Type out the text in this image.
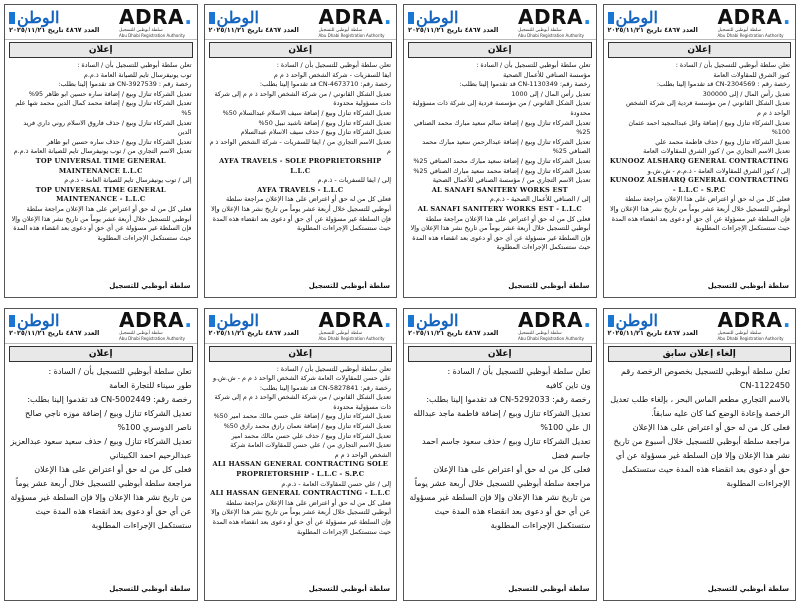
الوطن
العدد ٤٨٦٧ تاريخ ٢٠٢٥/١١/٢١
ADRA.
سلطة أبوظبي للتسجيل
Abu Dhabi Registration Authority
إعلان

تعلن سلطة أبوظبي للتسجيل بأن / السادة :

توب يونيفرسال تايم للصيانة العامة ذ.م.م

رخصة رقم : CN-3927539 قد تقدموا إلينا بطلب:

تعديل الشركاء تنازل وبيع / إضافة ساره حسين ابو ظاهر 95%

تعديل الشركاء تنازل وبيع / إضافة محمد كمال الدين محمد شها علم 5%

تعديل الشركاء تنازل وبيع / حذف فاروق الاسلام روني داري فريد الدين

تعديل الشركاء تنازل وبيع / حذف ساره حسين ابو ظاهر

تعديل الاسم التجاري من / توب يونيفرسال تايم للصيانة العامة ذ.م.م

TOP UNIVERSAL TIME GENERAL MAINTENANCE L.L.C

إلى / توب يونيفرسال تايم للصيانة العامة - ذ.م.م

TOP UNIVERSAL TIME GENERAL MAINTENANCE - L.L.C

فعلى كل من له حق أو اعتراض على هذا الإعلان مراجعة سلطة أبوظبي للتسجيل خلال أربعة عشر يوماً من تاريخ نشر هذا الإعلان وإلا فإن السلطة غير مسؤولة عن أي حق أو دعوى بعد انقضاء هذه المدة حيث ستستكمل الإجراءات المطلوبة

سلطة أبوظبي للتسجيل
الوطن
العدد ٤٨٦٧ تاريخ ٢٠٢٥/١١/٢١
ADRA.
سلطة أبوظبي للتسجيل
Abu Dhabi Registration Authority
إعلان

تعلن سلطة أبوظبي للتسجيل بأن / السادة :

ايفا للسفريات - شركة الشخص الواحد ذ م م

رخصة رقم: CN-4673710 قد تقدموا إلينا بطلب:

تعديل الشكل القانوني / من شركة الشخص الواحد ذ م م إلى شركة ذات مسؤولية محدودة

تعديل الشركاء تنازل وبيع / إضافة سيف الاسلام عبدالسلام 50%

تعديل الشركاء تنازل وبيع / إضافة ناشيد نبيل 50%

تعديل الشركاء تنازل وبيع / حذف سيف الاسلام عبدالسلام

تعديل الاسم التجاري من / ايفا للسفريات - شركة الشخص الواحد ذ م م

AYFA TRAVELS - SOLE PROPRIETORSHIP L.L.C

إلى / ايفا للسفريات - ذ.م.م

AYFA TRAVELS - L.L.C

فعلى كل من له حق أو اعتراض على هذا الإعلان مراجعة سلطة أبوظبي للتسجيل خلال أربعة عشر يوماً من تاريخ نشر هذا الإعلان وإلا فإن السلطة غير مسؤولة عن أي حق أو دعوى بعد انقضاء هذه المدة حيث ستستكمل الإجراءات المطلوبة

سلطة أبوظبي للتسجيل
الوطن
العدد ٤٨٦٧ تاريخ ٢٠٢٥/١١/٢١
ADRA.
سلطة أبوظبي للتسجيل
Abu Dhabi Registration Authority
إعلان

تعلن سلطة أبوظبي للتسجيل بأن / السادة :

مؤسسة الصنافي للأعمال الصحية

رخصة رقم: CN-1130349 قد تقدموا إلينا بطلب:

تعديل رأس المال / إلى 1000

تعديل الشكل القانوني / من مؤسسة فردية إلى شركة ذات مسؤولية محدودة

تعديل الشركاء تنازل وبيع / إضافة سالم سعيد مبارك محمد الصنافي 25%

تعديل الشركاء تنازل وبيع / إضافة عبدالرحمن سعيد مبارك محمد الصنافي 25%

تعديل الشركاء تنازل وبيع / إضافة سعيد مبارك محمد الصنافي 25%

تعديل الشركاء تنازل وبيع / إضافة محمد سعيد مبارك الصنافي 25%

تعديل الاسم التجاري من / مؤسسة الصنافي للأعمال الصحية

AL SANAFI SANITERY WORKS EST

إلى / الصنافي للأعمال الصحية - ذ.م.م

AL SANAFI SANITERY WORKS EST - L.L.C

فعلى كل من له حق أو اعتراض على هذا الإعلان مراجعة سلطة أبوظبي للتسجيل خلال أربعة عشر يوماً من تاريخ نشر هذا الإعلان وإلا فإن السلطة غير مسؤولة عن أي حق أو دعوى بعد انقضاء هذه المدة حيث ستستكمل الإجراءات المطلوبة

سلطة أبوظبي للتسجيل
الوطن
العدد ٤٨٦٧ تاريخ ٢٠٢٥/١١/٢١
ADRA.
سلطة أبوظبي للتسجيل
Abu Dhabi Registration Authority
إعلان

تعلن سلطة أبوظبي للتسجيل بأن / السادة :

كنوز الشرق للمقاولات العامة

رخصة رقم : CN-2304569 قد تقدموا إلينا بطلب:

تعديل رأس المال / إلى 300000

تعديل الشكل القانوني / من مؤسسة فردية إلى شركة الشخص الواحد ذ م م

تعديل الشركاء تنازل وبيع / إضافة وائل عبدالمجيد احمد عثمان 100%

تعديل الشركاء تنازل وبيع / حذف فاطمة محمد علي

تعديل الاسم التجاري من / كنوز الشرق للمقاولات العامة

KUNOOZ ALSHARQ GENERAL CONTRACTING

إلى / كنوز الشرق للمقاولات العامة - ذ.م.م - ش.ش.و

KUNOOZ ALSHARQ GENERAL CONTRACTING - L.L.C - S.P.C

فعلى كل من له حق أو اعتراض على هذا الإعلان مراجعة سلطة أبوظبي للتسجيل خلال أربعة عشر يوماً من تاريخ نشر هذا الإعلان وإلا فإن السلطة غير مسؤولة عن أي حق أو دعوى بعد انقضاء هذه المدة حيث ستستكمل الإجراءات المطلوبة

سلطة أبوظبي للتسجيل
الوطن
العدد ٤٨٦٧ تاريخ ٢٠٢٥/١١/٢١
ADRA.
سلطة أبوظبي للتسجيل
Abu Dhabi Registration Authority
إعلان

تعلن سلطة أبوظبي للتسجيل بأن / السادة :

طور سيناء للتجارة العامة

رخصة رقم: CN-5002449 قد تقدموا إلينا بطلب:

تعديل الشركاء تنازل وبيع / إضافة موزه ناجي صالح ناصر الدوسري 100%

تعديل الشركاء تنازل وبيع / حذف سعيد سعود عبدالعزيز عبدالرحيم احمد الكبيتاني

فعلى كل من له حق أو اعتراض على هذا الإعلان مراجعة سلطة أبوظبي للتسجيل خلال أربعة عشر يوماً من تاريخ نشر هذا الإعلان وإلا فإن السلطة غير مسؤولة عن أي حق أو دعوى بعد انقضاء هذه المدة حيث ستستكمل الإجراءات المطلوبة

سلطة أبوظبي للتسجيل
الوطن
العدد ٤٨٦٧ تاريخ ٢٠٢٥/١١/٢١
ADRA.
سلطة أبوظبي للتسجيل
Abu Dhabi Registration Authority
إعلان

تعلن سلطة أبوظبي للتسجيل بأن / السادة :

علي حسن للمقاولات العامة شركة الشخص الواحد ذ م م - ش.ش.و

رخصة رقم: CN-5827841 قد تقدموا إلينا بطلب:

تعديل الشكل القانوني / من شركة الشخص الواحد ذ م م إلى شركة ذات مسؤولية محدودة

تعديل الشركاء تنازل وبيع / إضافة علي حسن مالك محمد امير 50%

تعديل الشركاء تنازل وبيع / إضافة نعمان رازق محمد رازق 50%

تعديل الشركاء تنازل وبيع / حذف علي حسن مالك محمد امير

تعديل الاسم التجاري من / علي حسن للمقاولات العامة شركة الشخص الواحد ذ م م

ALI HASSAN GENERAL CONTRACTING SOLE PROPRIETORSHIP - L.L.C - S.P.C

إلى / علي حسن للمقاولات العامة - ذ.م.م

ALI HASSAN GENERAL CONTRACTING - L.L.C

فعلى كل من له حق أو اعتراض على هذا الإعلان مراجعة سلطة أبوظبي للتسجيل خلال أربعة عشر يوماً من تاريخ نشر هذا الإعلان وإلا فإن السلطة غير مسؤولة عن أي حق أو دعوى بعد انقضاء هذه المدة حيث ستستكمل الإجراءات المطلوبة

سلطة أبوظبي للتسجيل
الوطن
العدد ٤٨٦٧ تاريخ ٢٠٢٥/١١/٢١
ADRA.
سلطة أبوظبي للتسجيل
Abu Dhabi Registration Authority
إعلان

تعلن سلطة أبوظبي للتسجيل بأن / السادة :

ون تاين كافيه

رخصة رقم: CN-5292033 قد تقدموا إلينا بطلب:

تعديل الشركاء تنازل وبيع / إضافة فاطمة ماجد عبدالله ال علي 100%

تعديل الشركاء تنازل وبيع / حذف سعود جاسم احمد جاسم فضل

فعلى كل من له حق أو اعتراض على هذا الإعلان مراجعة سلطة أبوظبي للتسجيل خلال أربعة عشر يوماً من تاريخ نشر هذا الإعلان وإلا فإن السلطة غير مسؤولة عن أي حق أو دعوى بعد انقضاء هذه المدة حيث ستستكمل الإجراءات المطلوبة

سلطة أبوظبي للتسجيل
الوطن
العدد ٤٨٦٧ تاريخ ٢٠٢٥/١١/٢١
ADRA.
سلطة أبوظبي للتسجيل
Abu Dhabi Registration Authority
إلغاء إعلان سابق

تعلن سلطة أبوظبي للتسجيل بخصوص الرخصة رقم CN-1122450

بالاسم التجاري مطعم الماس البحر ، بإلغاء طلب تعديل الرخصة وإعادة الوضع كما كان عليه سابقاً.

فعلى كل من له حق أو اعتراض على هذا الإعلان مراجعة سلطة أبوظبي للتسجيل خلال أسبوع من تاريخ نشر هذا الإعلان وإلا فإن السلطة غير مسؤولة عن أي حق أو دعوى بعد انقضاء هذه المدة حيث ستستكمل الإجراءات المطلوبة

سلطة أبوظبي للتسجيل
